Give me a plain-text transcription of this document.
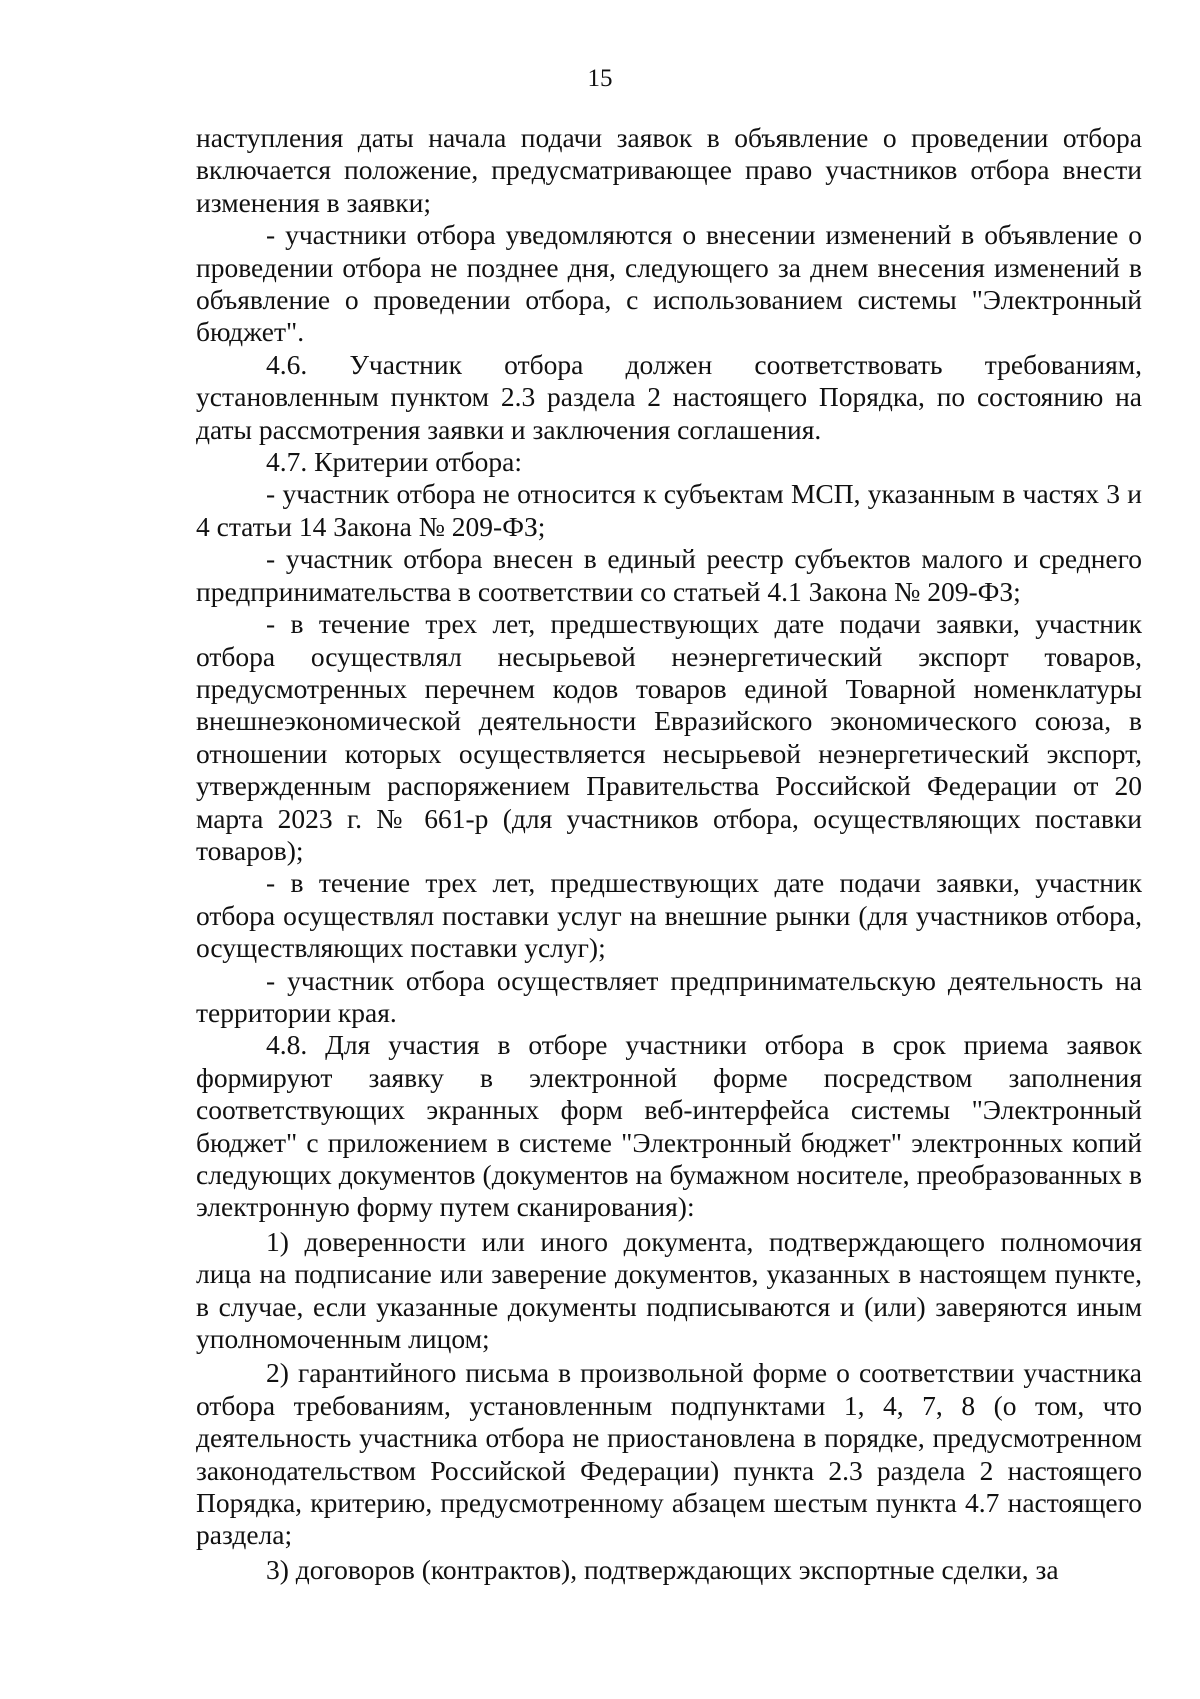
15

наступления даты начала подачи заявок в объявление о проведении отбора включается положение, предусматривающее право участников отбора внести изменения в заявки;

- участники отбора уведомляются о внесении изменений в объявление о проведении отбора не позднее дня, следующего за днем внесения изменений в объявление о проведении отбора, с использованием системы "Электронный бюджет".

4.6. Участник отбора должен соответствовать требованиям, установленным пунктом 2.3 раздела 2 настоящего Порядка, по состоянию на даты рассмотрения заявки и заключения соглашения.

4.7. Критерии отбора:

- участник отбора не относится к субъектам МСП, указанным в частях 3 и 4 статьи 14 Закона № 209-ФЗ;

- участник отбора внесен в единый реестр субъектов малого и среднего предпринимательства в соответствии со статьей 4.1 Закона № 209-ФЗ;

- в течение трех лет, предшествующих дате подачи заявки, участник отбора осуществлял несырьевой неэнергетический экспорт товаров, предусмотренных перечнем кодов товаров единой Товарной номенклатуры внешнеэкономической деятельности Евразийского экономического союза, в отношении которых осуществляется несырьевой неэнергетический экспорт, утвержденным распоряжением Правительства Российской Федерации от 20 марта 2023 г. № 661-р (для участников отбора, осуществляющих поставки товаров);

- в течение трех лет, предшествующих дате подачи заявки, участник отбора осуществлял поставки услуг на внешние рынки (для участников отбора, осуществляющих поставки услуг);

- участник отбора осуществляет предпринимательскую деятельность на территории края.

4.8. Для участия в отборе участники отбора в срок приема заявок формируют заявку в электронной форме посредством заполнения соответствующих экранных форм веб-интерфейса системы "Электронный бюджет" с приложением в системе "Электронный бюджет" электронных копий следующих документов (документов на бумажном носителе, преобразованных в электронную форму путем сканирования):

1) доверенности или иного документа, подтверждающего полномочия лица на подписание или заверение документов, указанных в настоящем пункте, в случае, если указанные документы подписываются и (или) заверяются иным уполномоченным лицом;

2) гарантийного письма в произвольной форме о соответствии участника отбора требованиям, установленным подпунктами 1, 4, 7, 8 (о том, что деятельность участника отбора не приостановлена в порядке, предусмотренном законодательством Российской Федерации) пункта 2.3 раздела 2 настоящего Порядка, критерию, предусмотренному абзацем шестым пункта 4.7 настоящего раздела;

3) договоров (контрактов), подтверждающих экспортные сделки, за
